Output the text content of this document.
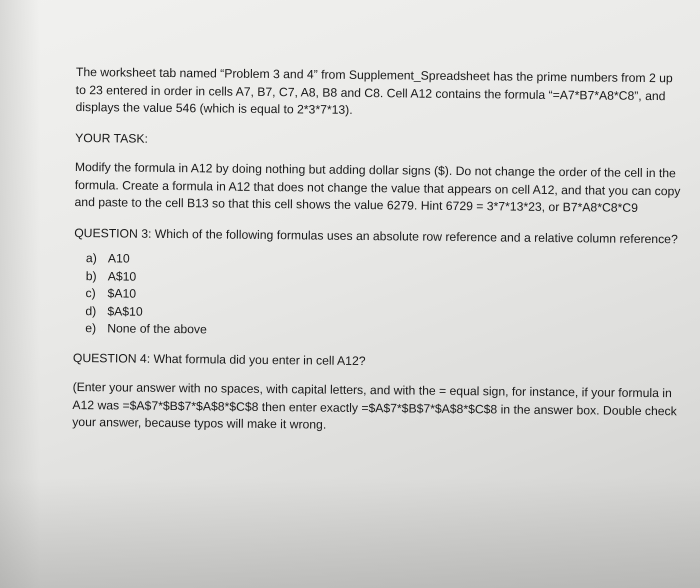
The worksheet tab named “Problem 3 and 4” from Supplement_Spreadsheet has the prime numbers from 2 up to 23 entered in order in cells A7, B7, C7, A8, B8 and C8. Cell A12 contains the formula “=A7*B7*A8*C8”, and displays the value 546 (which is equal to 2*3*7*13).

YOUR TASK:

Modify the formula in A12 by doing nothing but adding dollar signs ($). Do not change the order of the cell in the formula. Create a formula in A12 that does not change the value that appears on cell A12, and that you can copy and paste to the cell B13 so that this cell shows the value 6279. Hint 6729 = 3*7*13*23, or B7*A8*C8*C9

QUESTION 3: Which of the following formulas uses an absolute row reference and a relative column reference?

a) A10
b) A$10
c) $A10
d) $A$10
e) None of the above

QUESTION 4: What formula did you enter in cell A12?

(Enter your answer with no spaces, with capital letters, and with the = equal sign, for instance, if your formula in A12 was =$A$7*$B$7*$A$8*$C$8 then enter exactly =$A$7*$B$7*$A$8*$C$8 in the answer box. Double check your answer, because typos will make it wrong.
